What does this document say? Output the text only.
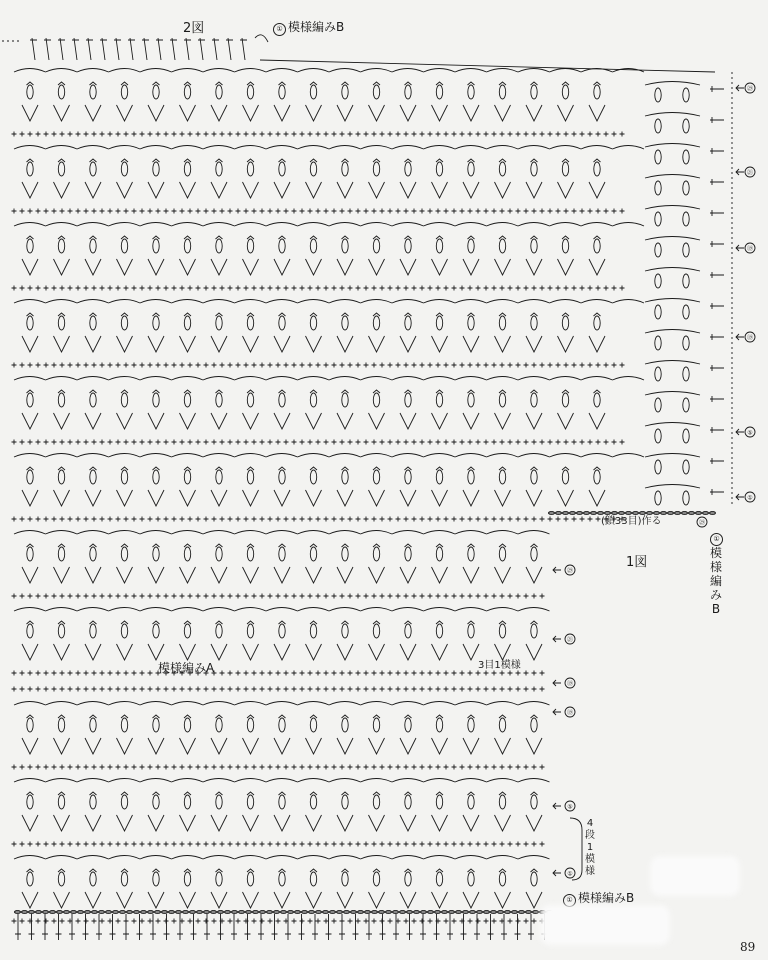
㉙
㉑
⑲
⑲
⑤
①
㉙
㉑
⑲
⑲
⑤
①
㉙
2図	① 模様編みB
1図
(鎖33目)作る
①
模様編みB
模様編みA	3目1模様
4段1模様
① 模様編みB
89
